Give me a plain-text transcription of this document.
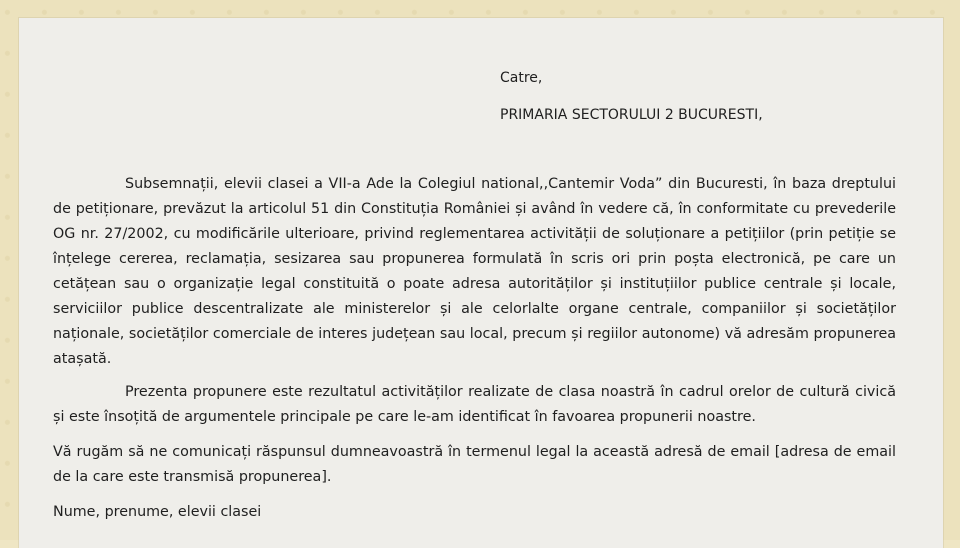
Catre,
PRIMARIA SECTORULUI 2 BUCURESTI,
Subsemnații, elevii clasei a VII-a Ade la Colegiul national,,Cantemir Voda” din Bucuresti, în baza dreptului de petiționare, prevăzut la articolul 51 din Constituția României și având în vedere că, în conformitate cu prevederile OG nr. 27/2002, cu modificările ulterioare, privind reglementarea activității de soluționare a petițiilor (prin petiție se înțelege cererea, reclamația, sesizarea sau propunerea formulată în scris ori prin poșta electronică, pe care un cetățean sau o organizație legal constituită o poate adresa autorităților și instituțiilor publice centrale și locale, serviciilor publice descentralizate ale ministerelor și ale celorlalte organe centrale, companiilor și societăților naționale, societăților comerciale de interes județean sau local, precum și regiilor autonome) vă adresăm propunerea atașată.
Prezenta propunere este rezultatul activităților realizate de clasa noastră în cadrul orelor de cultură civică și este însoțită de argumentele principale pe care le-am identificat în favoarea propunerii noastre.
Vă rugăm să ne comunicați răspunsul dumneavoastră în termenul legal la această adresă de email [adresa de email de la care este transmisă propunerea].
Nume, prenume, elevii clasei
